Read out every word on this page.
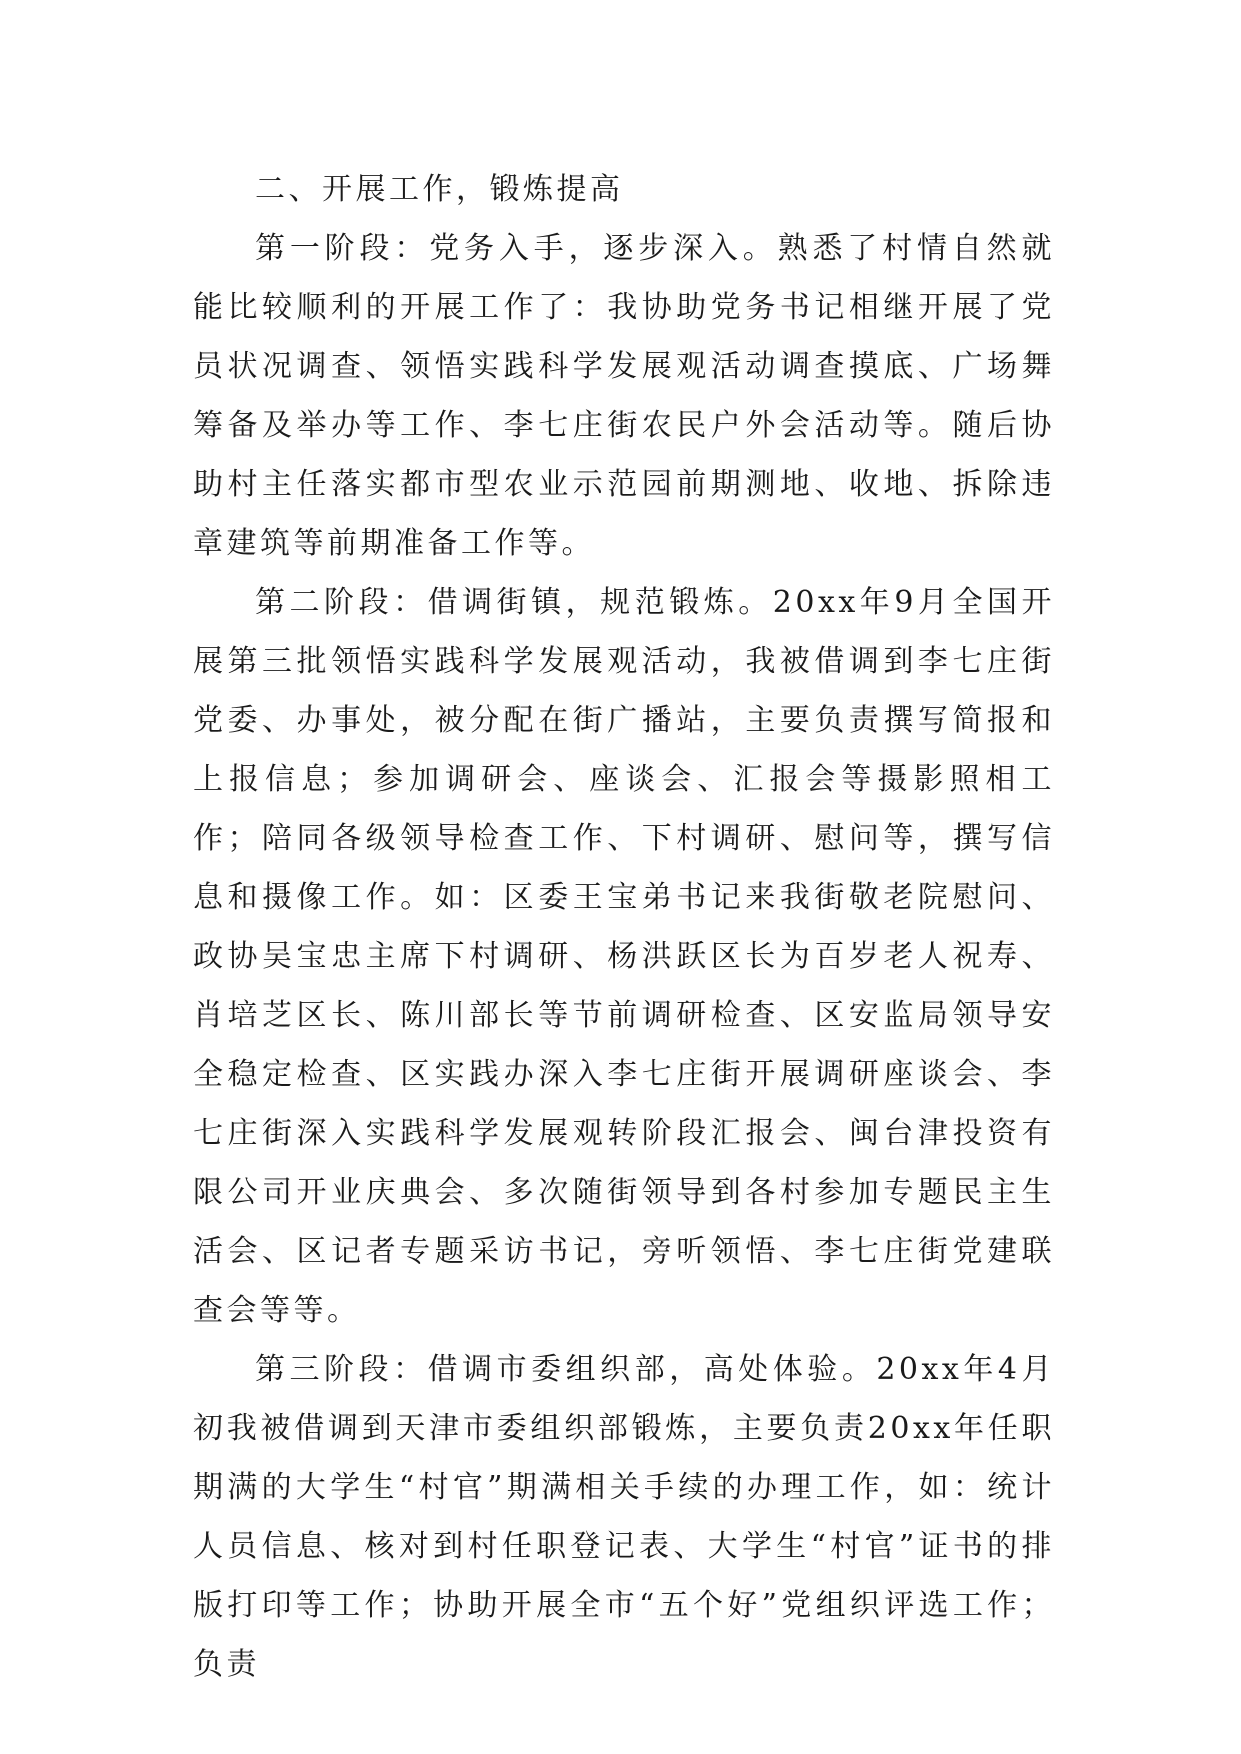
二、开展工作，锻炼提高

第一阶段：党务入手，逐步深入。熟悉了村情自然就能比较顺利的开展工作了：我协助党务书记相继开展了党员状况调查、领悟实践科学发展观活动调查摸底、广场舞筹备及举办等工作、李七庄街农民户外会活动等。随后协助村主任落实都市型农业示范园前期测地、收地、拆除违章建筑等前期准备工作等。

第二阶段：借调街镇，规范锻炼。20xx年9月全国开展第三批领悟实践科学发展观活动，我被借调到李七庄街党委、办事处，被分配在街广播站，主要负责撰写简报和上报信息；参加调研会、座谈会、汇报会等摄影照相工作；陪同各级领导检查工作、下村调研、慰问等，撰写信息和摄像工作。如：区委王宝弟书记来我街敬老院慰问、政协吴宝忠主席下村调研、杨洪跃区长为百岁老人祝寿、肖培芝区长、陈川部长等节前调研检查、区安监局领导安全稳定检查、区实践办深入李七庄街开展调研座谈会、李七庄街深入实践科学发展观转阶段汇报会、闽台津投资有限公司开业庆典会、多次随街领导到各村参加专题民主生活会、区记者专题采访书记，旁听领悟、李七庄街党建联查会等等。

第三阶段：借调市委组织部，高处体验。20xx年4月初我被借调到天津市委组织部锻炼，主要负责20xx年任职期满的大学生“村官”期满相关手续的办理工作，如：统计人员信息、核对到村任职登记表、大学生“村官”证书的排版打印等工作；协助开展全市“五个好”党组织评选工作；负责
